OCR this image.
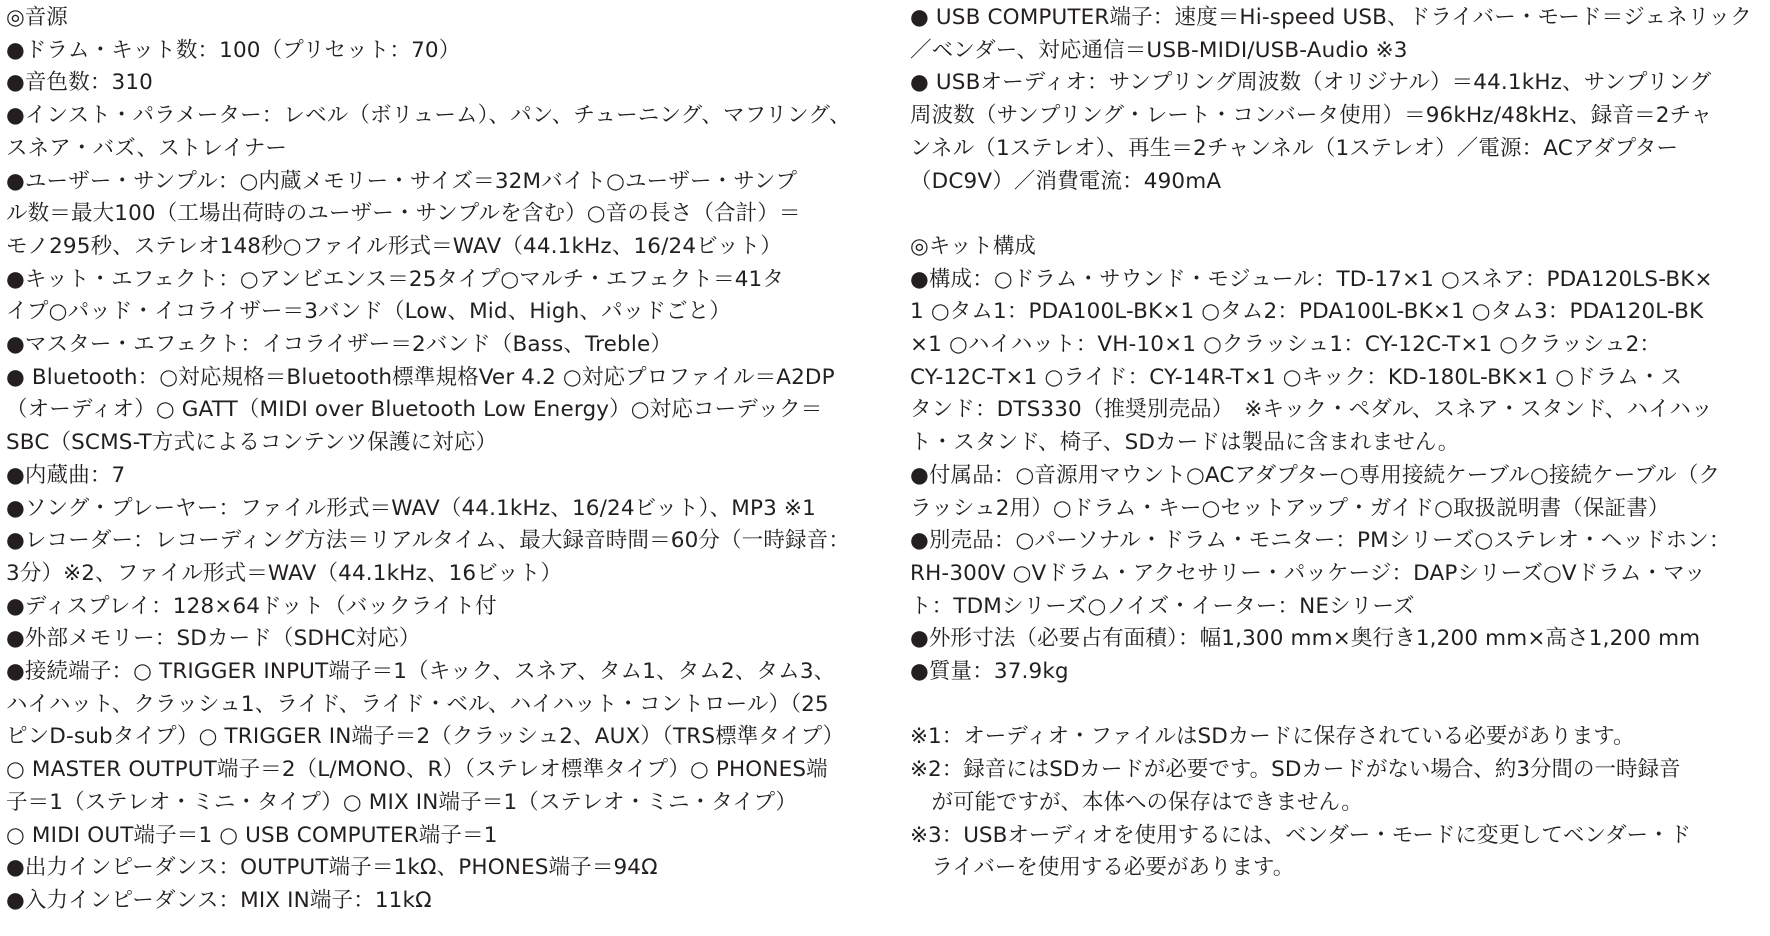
◎音源

●ドラム・キット数：100（プリセット：70）

●音色数：310

●インスト・パラメーター：レベル（ボリューム）、パン、チューニング、マフリング、
スネア・バズ、ストレイナー

●ユーザー・サンプル：○内蔵メモリー・サイズ＝32Mバイト○ユーザー・サンプ
ル数＝最大100（工場出荷時のユーザー・サンプルを含む）○音の長さ（合計）＝
モノ295秒、ステレオ148秒○ファイル形式＝WAV（44.1kHz、16/24ビット）

●キット・エフェクト：○アンビエンス＝25タイプ○マルチ・エフェクト＝41タ
イプ○パッド・イコライザー＝3バンド（Low、Mid、High、パッドごと）

●マスター・エフェクト：イコライザー＝2バンド（Bass、Treble）

● Bluetooth：○対応規格＝Bluetooth標準規格Ver 4.2 ○対応プロファイル＝A2DP
（オーディオ）○ GATT（MIDI over Bluetooth Low Energy）○対応コーデック＝
SBC（SCMS-T方式によるコンテンツ保護に対応）

●内蔵曲：7

●ソング・プレーヤー：ファイル形式＝WAV（44.1kHz、16/24ビット）、MP3 ※1

●レコーダー：レコーディング方法＝リアルタイム、最大録音時間＝60分（一時録音：
3分）※2、ファイル形式＝WAV（44.1kHz、16ビット）

●ディスプレイ：128×64ドット（バックライト付

●外部メモリー：SDカード（SDHC対応）

●接続端子：○ TRIGGER INPUT端子＝1（キック、スネア、タム1、タム2、タム3、
ハイハット、クラッシュ1、ライド、ライド・ベル、ハイハット・コントロール）（25
ピンD-subタイプ）○ TRIGGER IN端子＝2（クラッシュ2、AUX）（TRS標準タイプ）
○ MASTER OUTPUT端子＝2（L/MONO、R）（ステレオ標準タイプ）○ PHONES端
子＝1（ステレオ・ミニ・タイプ）○ MIX IN端子＝1（ステレオ・ミニ・タイプ）
○ MIDI OUT端子＝1 ○ USB COMPUTER端子＝1

●出力インピーダンス：OUTPUT端子＝1kΩ、PHONES端子＝94Ω

●入力インピーダンス：MIX IN端子：11kΩ

● USB COMPUTER端子：速度＝Hi-speed USB、ドライバー・モード＝ジェネリック
／ベンダー、対応通信＝USB-MIDI/USB-Audio ※3

● USBオーディオ：サンプリング周波数（オリジナル）＝44.1kHz、サンプリング
周波数（サンプリング・レート・コンバータ使用）＝96kHz/48kHz、録音＝2チャ
ンネル（1ステレオ）、再生＝2チャンネル（1ステレオ）／電源：ACアダプター
（DC9V）／消費電流：490mA

◎キット構成

●構成：○ドラム・サウンド・モジュール：TD-17×1 ○スネア：PDA120LS-BK×
1 ○タム1：PDA100L-BK×1 ○タム2：PDA100L-BK×1 ○タム3：PDA120L-BK
×1 ○ハイハット：VH-10×1 ○クラッシュ1：CY-12C-T×1 ○クラッシュ2：
CY-12C-T×1 ○ライド：CY-14R-T×1 ○キック：KD-180L-BK×1 ○ドラム・ス
タンド：DTS330（推奨別売品）　※キック・ペダル、スネア・スタンド、ハイハッ
ト・スタンド、椅子、SDカードは製品に含まれません。

●付属品：○音源用マウント○ACアダプター○専用接続ケーブル○接続ケーブル（ク
ラッシュ2用）○ドラム・キー○セットアップ・ガイド○取扱説明書（保証書）

●別売品：○パーソナル・ドラム・モニター：PMシリーズ○ステレオ・ヘッドホン：
RH-300V ○Vドラム・アクセサリー・パッケージ：DAPシリーズ○Vドラム・マッ
ト：TDMシリーズ○ノイズ・イーター：NEシリーズ

●外形寸法（必要占有面積）：幅1,300 mm×奥行き1,200 mm×高さ1,200 mm

●質量：37.9kg

※1：オーディオ・ファイルはSDカードに保存されている必要があります。

※2：録音にはSDカードが必要です。SDカードがない場合、約3分間の一時録音
　が可能ですが、本体への保存はできません。

※3：USBオーディオを使用するには、ベンダー・モードに変更してベンダー・ド
　ライバーを使用する必要があります。
